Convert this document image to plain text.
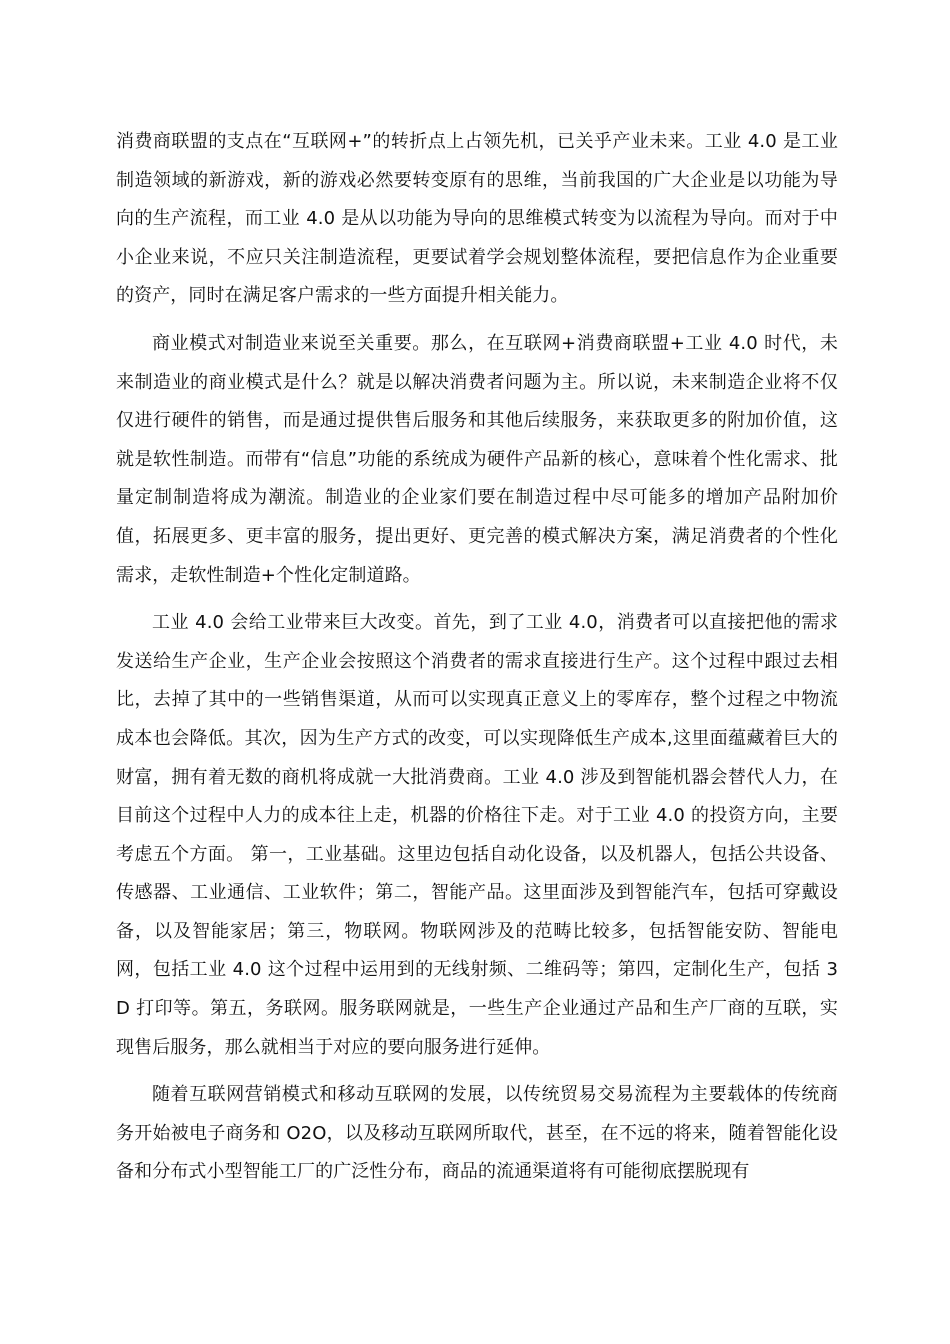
消费商联盟的支点在“互联网+”的转折点上占领先机，已关乎产业未来。工业 4.0 是工业制造领域的新游戏，新的游戏必然要转变原有的思维，当前我国的广大企业是以功能为导向的生产流程，而工业 4.0 是从以功能为导向的思维模式转变为以流程为导向。而对于中小企业来说，不应只关注制造流程，更要试着学会规划整体流程，要把信息作为企业重要的资产，同时在满足客户需求的一些方面提升相关能力。

商业模式对制造业来说至关重要。那么，在互联网+消费商联盟+工业 4.0 时代，未来制造业的商业模式是什么？就是以解决消费者问题为主。所以说，未来制造企业将不仅仅进行硬件的销售，而是通过提供售后服务和其他后续服务，来获取更多的附加价值，这就是软性制造。而带有“信息”功能的系统成为硬件产品新的核心，意味着个性化需求、批量定制制造将成为潮流。制造业的企业家们要在制造过程中尽可能多的增加产品附加价值，拓展更多、更丰富的服务，提出更好、更完善的模式解决方案，满足消费者的个性化需求，走软性制造+个性化定制道路。

工业 4.0 会给工业带来巨大改变。首先，到了工业 4.0，消费者可以直接把他的需求发送给生产企业，生产企业会按照这个消费者的需求直接进行生产。这个过程中跟过去相比，去掉了其中的一些销售渠道，从而可以实现真正意义上的零库存，整个过程之中物流成本也会降低。其次，因为生产方式的改变，可以实现降低生产成本,这里面蕴藏着巨大的财富，拥有着无数的商机将成就一大批消费商。工业 4.0 涉及到智能机器会替代人力，在目前这个过程中人力的成本往上走，机器的价格往下走。对于工业 4.0 的投资方向，主要考虑五个方面。 第一，工业基础。这里边包括自动化设备，以及机器人，包括公共设备、传感器、工业通信、工业软件；第二，智能产品。这里面涉及到智能汽车，包括可穿戴设备，以及智能家居；第三，物联网。物联网涉及的范畴比较多，包括智能安防、智能电网，包括工业 4.0 这个过程中运用到的无线射频、二维码等；第四，定制化生产，包括 3D 打印等。第五，务联网。服务联网就是，一些生产企业通过产品和生产厂商的互联，实现售后服务，那么就相当于对应的要向服务进行延伸。

随着互联网营销模式和移动互联网的发展，以传统贸易交易流程为主要载体的传统商务开始被电子商务和 O2O，以及移动互联网所取代，甚至，在不远的将来，随着智能化设备和分布式小型智能工厂的广泛性分布，商品的流通渠道将有可能彻底摆脱现有
